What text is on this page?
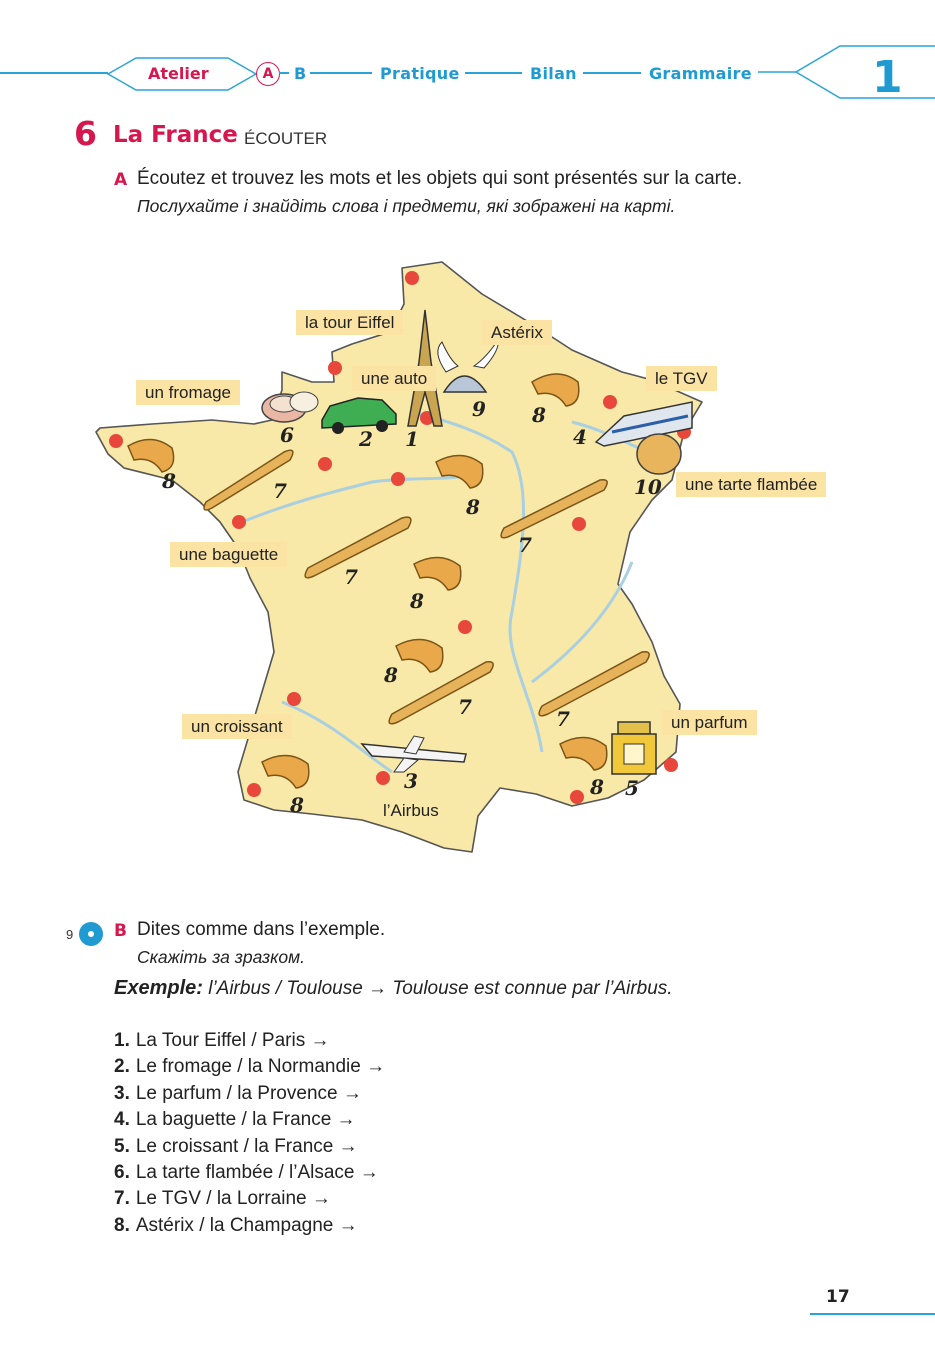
Atelier	A	B	Pratique	Bilan	Grammaire	1
6 La France ÉCOUTER
A Écoutez et trouvez les mots et les objets qui sont présentés sur la carte.
Послухайте і знайдіть слова і предмети, які зображені на карті.
1
2
3
4
5
6
9
10
8	7
8
7
7
8
8
7
8
7
8
8
la tour Eiffel
Astérix
un fromage
une auto	le TGV
une tarte flambée
une baguette
un croissant	un parfum
l’Airbus
9 B Dites comme dans l’exemple.
Скажіть за зразком.
Exemple: l’Airbus / Toulouse → Toulouse est connue par l’Airbus.
1. La Tour Eiffel / Paris →
2. Le fromage / la Normandie →
3. Le parfum / la Provence →
4. La baguette / la France →
5. Le croissant / la France →
6. La tarte flambée / l’Alsace →
7. Le TGV / la Lorraine →
8. Astérix / la Champagne →
17
